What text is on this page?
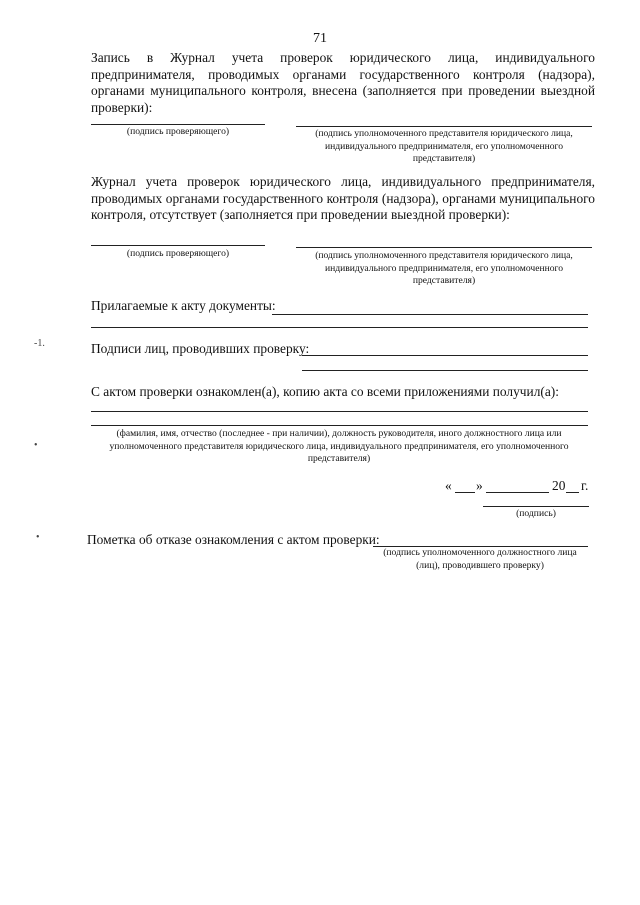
71
Запись в Журнал учета проверок юридического лица, индивидуального предпринимателя, проводимых органами государственного контроля (надзора), органами муниципального контроля, внесена (заполняется при проведении выездной проверки):
(подпись проверяющего)	(подпись уполномоченного представителя юридического лица, индивидуального предпринимателя, его уполномоченного представителя)
Журнал учета проверок юридического лица, индивидуального предпринимателя, проводимых органами государственного контроля (надзора), органами муниципального контроля, отсутствует (заполняется при проведении выездной проверки):
(подпись проверяющего)	(подпись уполномоченного представителя юридического лица, индивидуального предпринимателя, его уполномоченного представителя)
Прилагаемые к акту документы:
-1.	Подписи лиц, проводивших проверку:
С актом проверки ознакомлен(а), копию акта со всеми приложениями получил(а):
•
(фамилия, имя, отчество (последнее - при наличии), должность руководителя, иного должностного лица или уполномоченного представителя юридического лица, индивидуального предпринимателя, его уполномоченного представителя)
« »	20 г.
(подпись)
•	Пометка об отказе ознакомления с актом проверки:
(подпись уполномоченного должностного лица (лиц), проводившего проверку)
